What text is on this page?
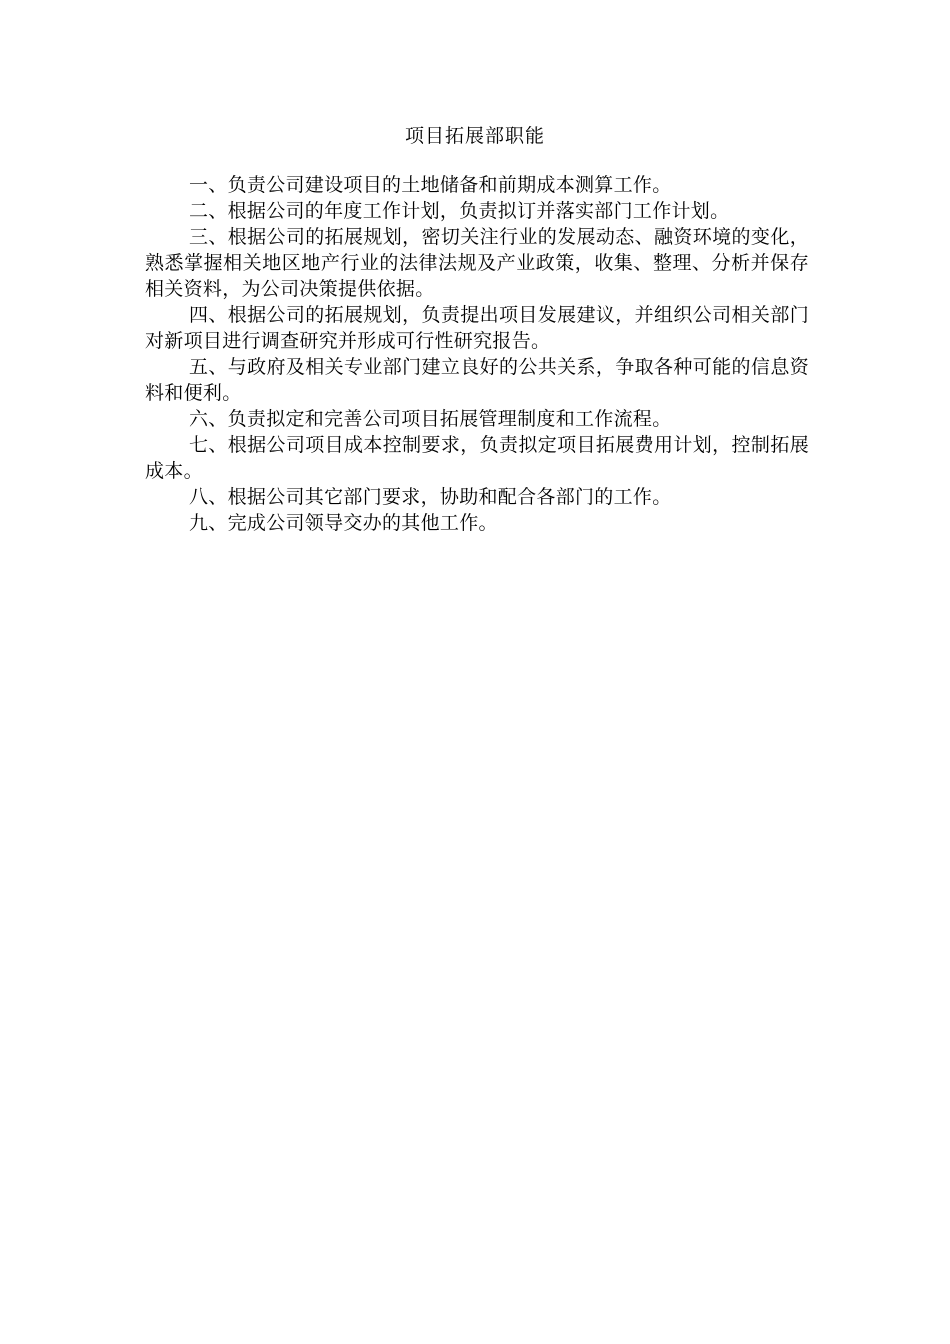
项目拓展部职能

一、负责公司建设项目的土地储备和前期成本测算工作。

二、根据公司的年度工作计划，负责拟订并落实部门工作计划。

三、根据公司的拓展规划，密切关注行业的发展动态、融资环境的变化，熟悉掌握相关地区地产行业的法律法规及产业政策，收集、整理、分析并保存相关资料，为公司决策提供依据。

四、根据公司的拓展规划，负责提出项目发展建议，并组织公司相关部门对新项目进行调查研究并形成可行性研究报告。

五、与政府及相关专业部门建立良好的公共关系，争取各种可能的信息资料和便利。

六、负责拟定和完善公司项目拓展管理制度和工作流程。

七、根据公司项目成本控制要求，负责拟定项目拓展费用计划，控制拓展成本。

八、根据公司其它部门要求，协助和配合各部门的工作。

九、完成公司领导交办的其他工作。
